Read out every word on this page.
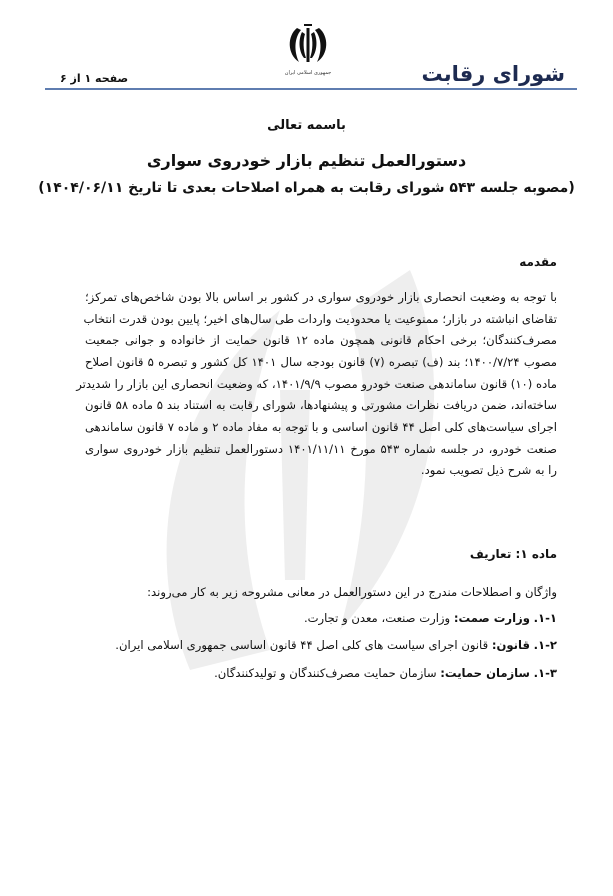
جمهوری اسلامی ایران	شورای رقابت
صفحه ۱ از ۶
باسمه تعالی
دستورالعمل تنظیم بازار خودروی سواری
(مصوبه جلسه ۵۴۳ شورای رقابت به همراه اصلاحات بعدی تا تاریخ ۱۴۰۴/۰۶/۱۱)
مقدمه
با توجه به وضعیت انحصاری بازار خودروی سواری در کشور بر اساس بالا بودن شاخص‌های تمرکز؛
تقاضای انباشته در بازار؛ ممنوعیت یا محدودیت واردات طی سال‌های اخیر؛ پایین بودن قدرت انتخاب
مصرف‌کنندگان؛ برخی احکام قانونی همچون ماده ۱۲ قانون حمایت از خانواده و جوانی جمعیت
مصوب ۱۴۰۰/۷/۲۴؛ بند (ف) تبصره (۷) قانون بودجه سال ۱۴۰۱ کل کشور و تبصره ۵ قانون اصلاح
ماده (۱۰) قانون ساماندهی صنعت خودرو مصوب ۱۴۰۱/۹/۹، که وضعیت انحصاری این بازار را شدیدتر
ساخته‌اند، ضمن دریافت نظرات مشورتی و پیشنهادها، شورای رقابت به استناد بند ۵ ماده ۵۸ قانون
اجرای سیاست‌های کلی اصل ۴۴ قانون اساسی و با توجه به مفاد ماده ۲ و ماده ۷ قانون ساماندهی
صنعت خودرو، در جلسه شماره ۵۴۳ مورخ ۱۴۰۱/۱۱/۱۱ دستورالعمل تنظیم بازار خودروی سواری
را به شرح ذیل تصویب نمود.
ماده ۱: تعاریف
واژگان و اصطلاحات مندرج در این دستورالعمل در معانی مشروحه زیر به کار می‌روند:
۱-۱. وزارت صمت: وزارت صنعت، معدن و تجارت.
۱-۲. قانون: قانون اجرای سیاست های کلی اصل ۴۴ قانون اساسی جمهوری اسلامی ایران.
۱-۳. سازمان حمایت: سازمان حمایت مصرف‌کنندگان و تولیدکنندگان.
